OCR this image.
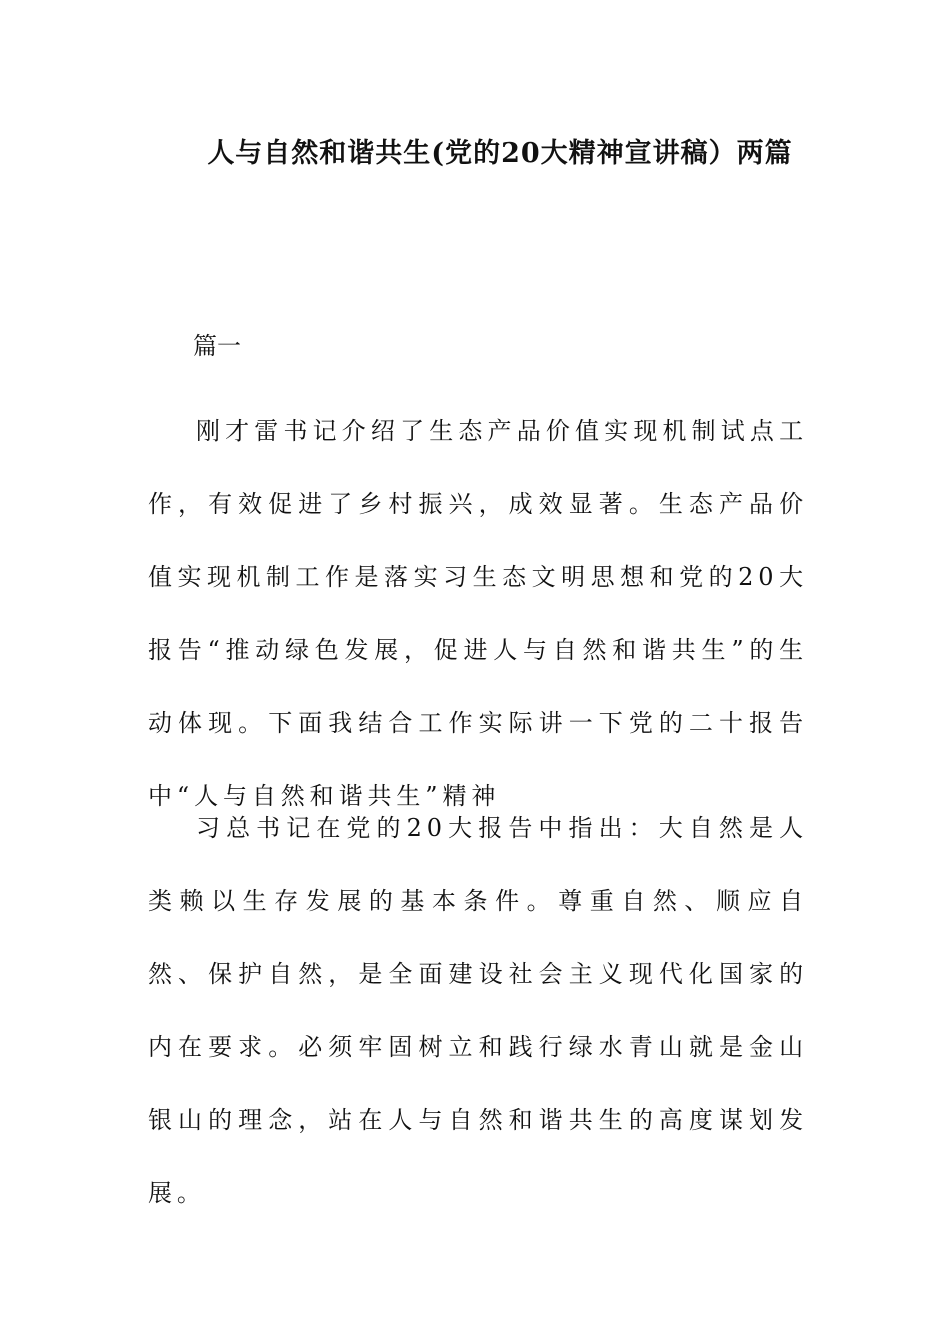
人与自然和谐共生(党的20大精神宣讲稿）两篇
篇一

刚才雷书记介绍了生态产品价值实现机制试点工作，有效促进了乡村振兴，成效显著。生态产品价值实现机制工作是落实习生态文明思想和党的20大报告“推动绿色发展，促进人与自然和谐共生”的生动体现。下面我结合工作实际讲一下党的二十报告中“人与自然和谐共生”精神

习总书记在党的20大报告中指出：大自然是人类赖以生存发展的基本条件。尊重自然、顺应自然、保护自然，是全面建设社会主义现代化国家的内在要求。必须牢固树立和践行绿水青山就是金山银山的理念，站在人与自然和谐共生的高度谋划发展。
